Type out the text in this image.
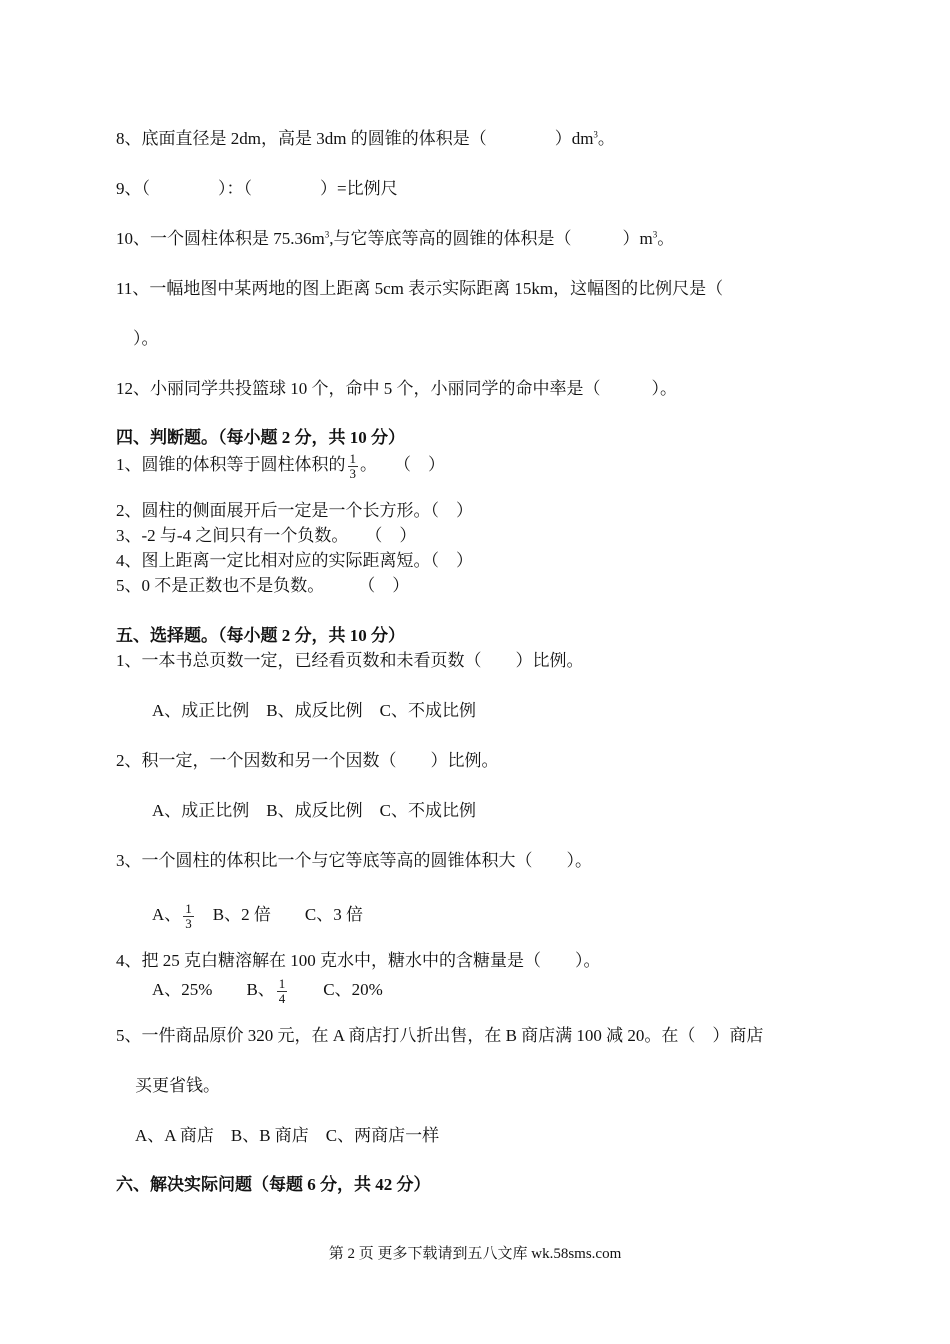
8、底面直径是 2dm，高是 3dm 的圆锥的体积是（　　　　）$dm^3$。
9、（　　　　）：（　　　　）=比例尺
10、一个圆柱体积是 $75.36m^3$,与它等底等高的圆锥的体积是（　　　）$m^3$。
11、一幅地图中某两地的图上距离 5cm 表示实际距离 15km，这幅图的比例尺是（
）。
12、小丽同学共投篮球 10 个，命中 5 个，小丽同学的命中率是（　　　）。
四、判断题。（每小题 2 分，共 10 分）
1、圆锥的体积等于圆柱体积的 $\frac{1}{3}$ 。　　（　）
2、圆柱的侧面展开后一定是一个长方形。（　）
3、-2 与-4 之间只有一个负数。　　（　）
4、图上距离一定比相对应的实际距离短。（　）
5、0 不是正数也不是负数。　　　（　）
五、选择题。（每小题 2 分，共 10 分）
1、一本书总页数一定，已经看页数和未看页数（　　）比例。
A、成正比例　B、成反比例　C、不成比例
2、积一定，一个因数和另一个因数（　　）比例。
A、成正比例　B、成反比例　C、不成比例
3、一个圆柱的体积比一个与它等底等高的圆锥体积大（　　）。
A、 $\frac{1}{3}$
　 B、2 倍　　C、3 倍
4、把 25 克白糖溶解在 100 克水中，糖水中的含糖量是（　　）。
A、25%　　B、 $\frac{1}{4}$
　　 C、20%
5、一件商品原价 320 元，在 A 商店打八折出售，在 B 商店满 100 减 20。在（　）商店
买更省钱。
A、A 商店　B、B 商店　C、两商店一样
六、解决实际问题（每题 6 分，共 42 分）
第 2 页 更多下载请到五八文库 wk.58sms.com
